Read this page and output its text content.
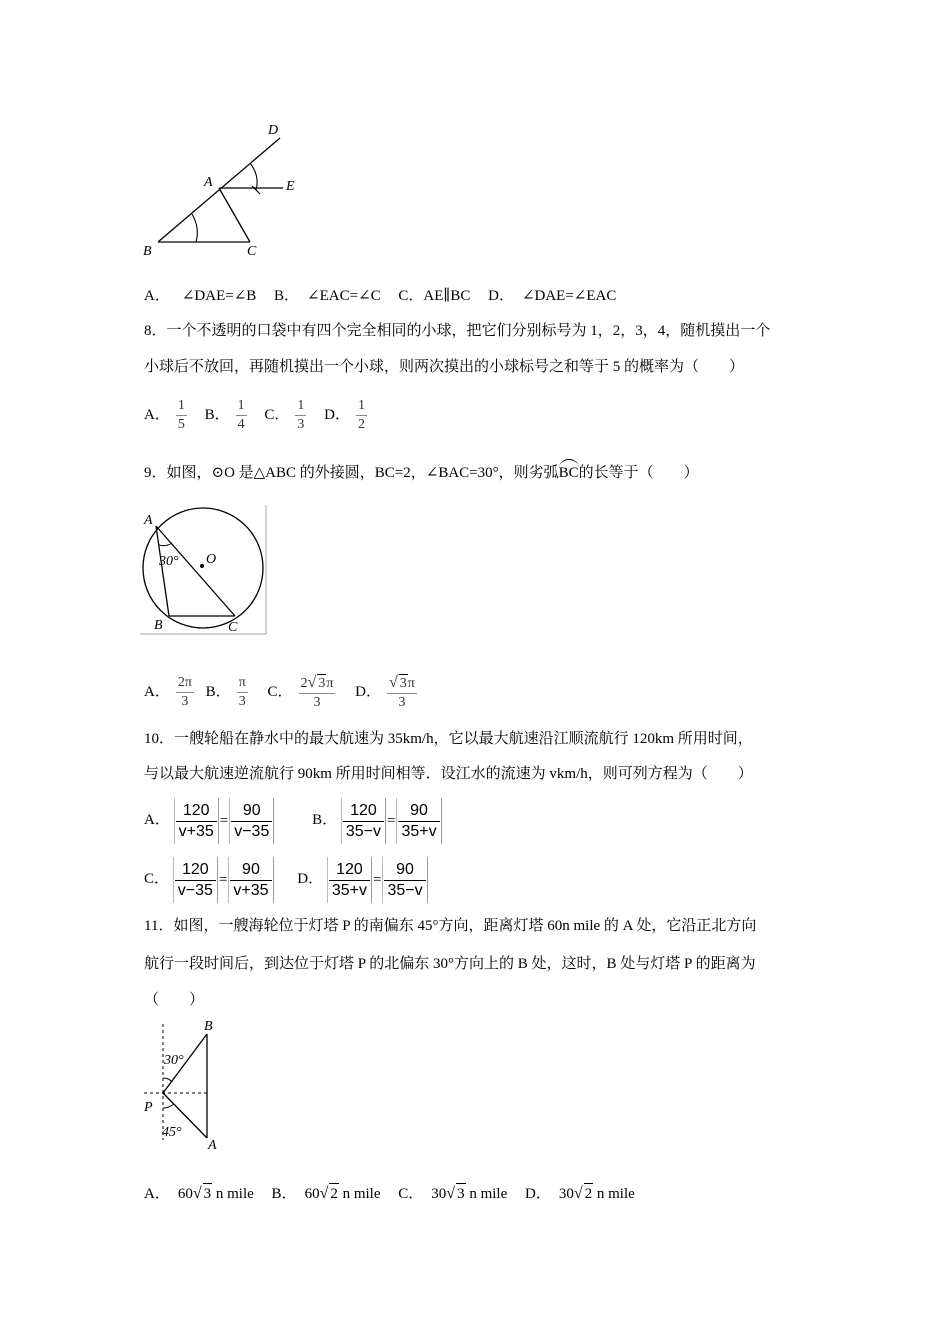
D
A	E
B	C
A． ∠DAE=∠B B． ∠EAC=∠C C．AE∥BC D． ∠DAE=∠EAC
8．一个不透明的口袋中有四个完全相同的小球，把它们分别标号为 1，2，3，4，随机摸出一个
小球后不放回，再随机摸出一个小球，则两次摸出的小球标号之和等于 5 的概率为（　　）
A． $\frac{1}{5}$ B． $\frac{1}{4}$ C． $\frac{1}{3}$ D． $\frac{1}{2}$
9．如图，⊙O 是△ABC 的外接圆，BC=2，∠BAC=30°，则劣弧BC的长等于（　　）
A
30° O
B	C
A． $\frac{2\pi}{3}$ B． $\frac{\pi}{3}$ C． $\frac{2√ 3\pi}{3}$ D． $\frac{√ 3\pi}{3}$
10．一艘轮船在静水中的最大航速为 35km/h，它以最大航速沿江顺流航行 120km 所用时间，
与以最大航速逆流航行 90km 所用时间相等．设江水的流速为 vkm/h，则可列方程为（　　）
A． $\frac{120}{v+35} = \frac{90}{v-35}$	B． $\frac{120}{35-v} = \frac{90}{35+v}$
C． $\frac{120}{v-35} = \frac{90}{v+35}$ D． $\frac{120}{35+v} = \frac{90}{35-v}$
11．如图，一艘海轮位于灯塔 P 的南偏东 45°方向，距离灯塔 60n mile 的 A 处，它沿正北方向
航行一段时间后，到达位于灯塔 P 的北偏东 30°方向上的 B 处，这时，B 处与灯塔 P 的距离为
（　　）
B
30°
P
45°
A
A． 60√ 3 n mile B． 60√ 2 n mile C． 30√ 3 n mile D． 30√ 2 n mile
